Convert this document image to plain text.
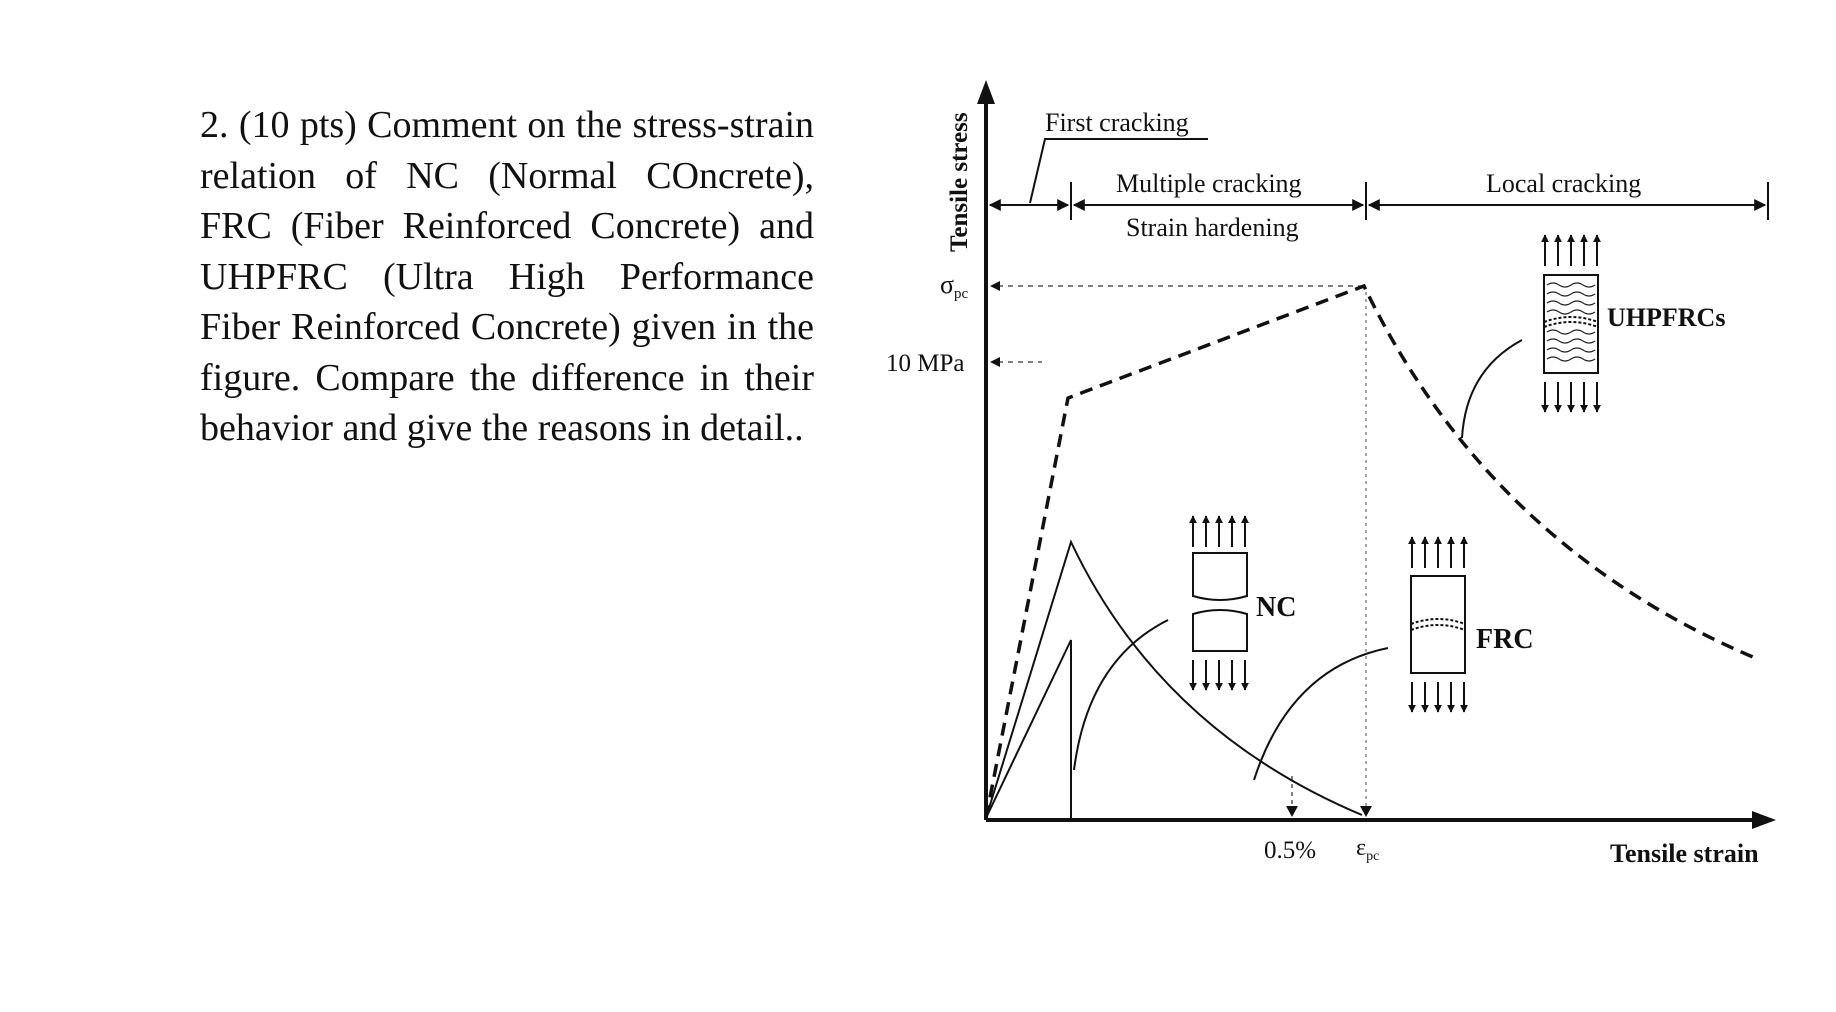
2. (10 pts) Comment on the stress-strain relation of NC (Normal COncrete), FRC (Fiber Reinforced Concrete) and UHPFRC (Ultra High Performance Fiber Reinforced Concrete) given in the figure. Compare the difference in their behavior and give the reasons in detail..
Tensile stress
Tensile strain
First cracking
Multiple cracking
Strain hardening
Local cracking
σpc
10 MPa
0.5% εpc
NC
FRC
UHPFRCs
